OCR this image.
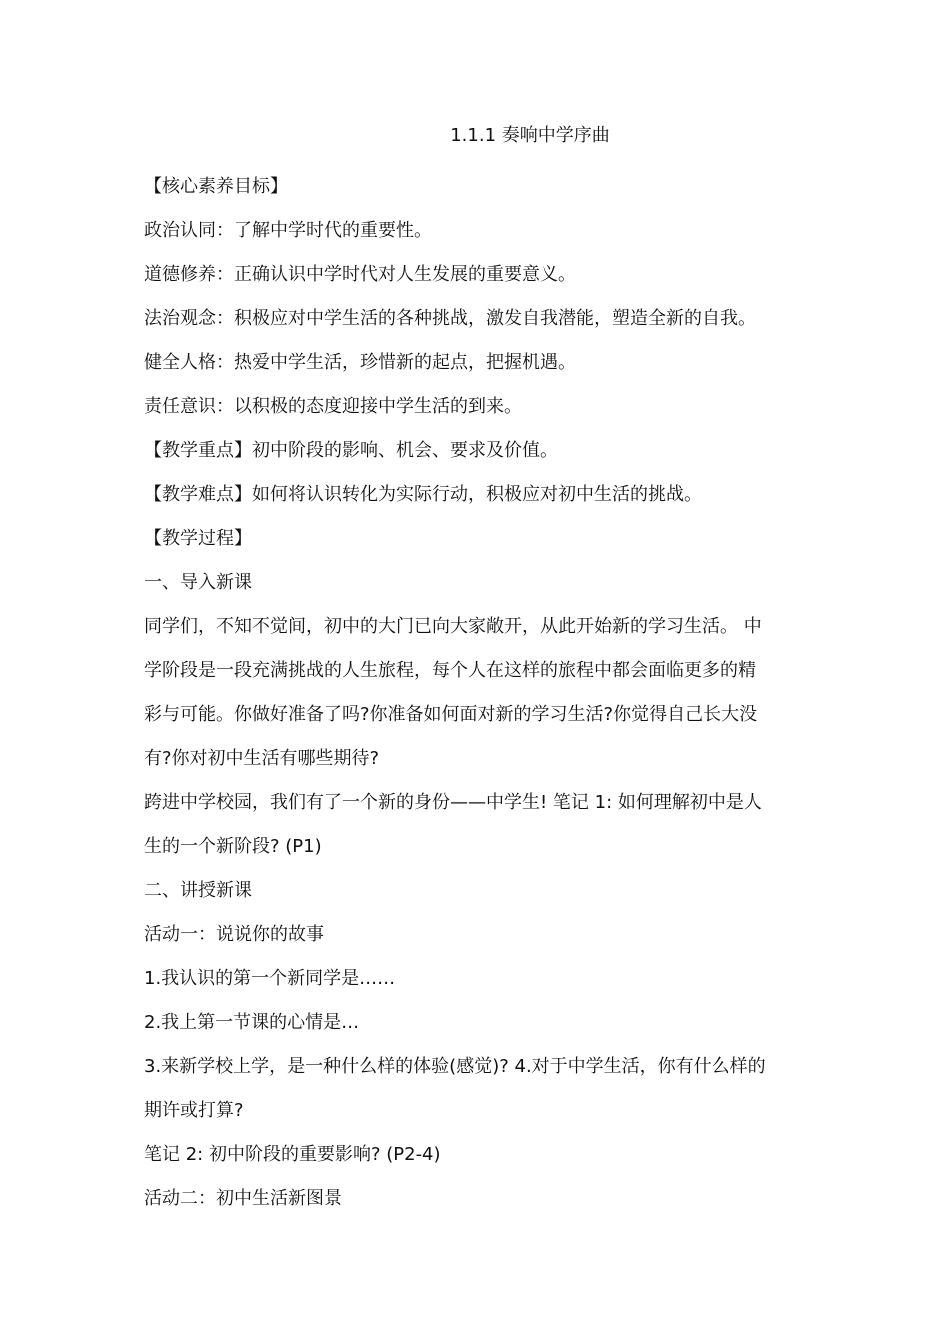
1.1.1 奏响中学序曲
【核心素养目标】
政治认同：了解中学时代的重要性。
道德修养：正确认识中学时代对人生发展的重要意义。
法治观念：积极应对中学生活的各种挑战，激发自我潜能，塑造全新的自我。
健全人格：热爱中学生活，珍惜新的起点，把握机遇。
责任意识：以积极的态度迎接中学生活的到来。
【教学重点】初中阶段的影响、机会、要求及价值。
【教学难点】如何将认识转化为实际行动，积极应对初中生活的挑战。
【教学过程】
一、导入新课
同学们，不知不觉间，初中的大门已向大家敞开，从此开始新的学习生活。 中
学阶段是一段充满挑战的人生旅程，每个人在这样的旅程中都会面临更多的精
彩与可能。你做好准备了吗?你准备如何面对新的学习生活?你觉得自己长大没
有?你对初中生活有哪些期待?
跨进中学校园，我们有了一个新的身份——中学生! 笔记 1: 如何理解初中是人
生的一个新阶段? (P1)
二、讲授新课
活动一：说说你的故事
1.我认识的第一个新同学是……
2.我上第一节课的心情是…
3.来新学校上学，是一种什么样的体验(感觉)? 4.对于中学生活，你有什么样的
期许或打算?
笔记 2: 初中阶段的重要影响? (P2-4)
活动二：初中生活新图景
